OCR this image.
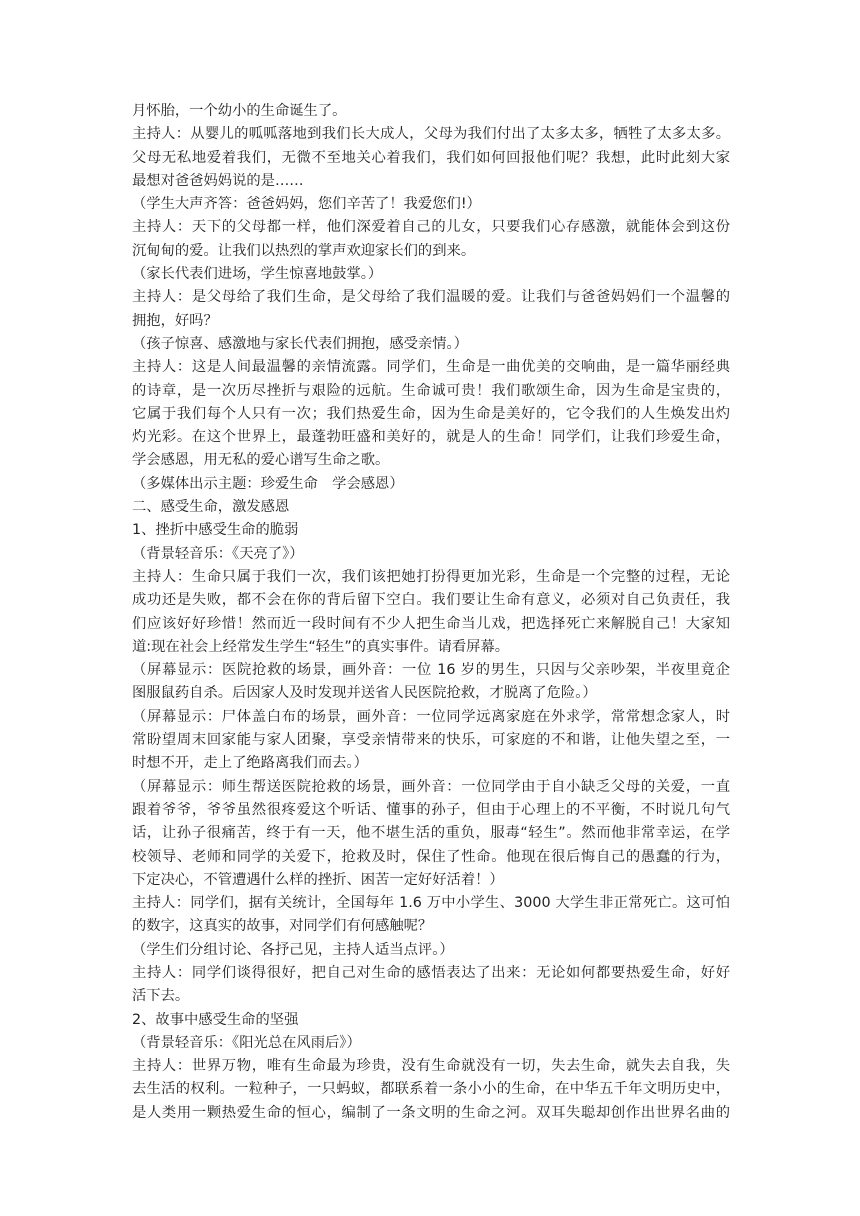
月怀胎，一个幼小的生命诞生了。

主持人：从婴儿的呱呱落地到我们长大成人，父母为我们付出了太多太多，牺牲了太多太多。

父母无私地爱着我们，无微不至地关心着我们，我们如何回报他们呢？我想，此时此刻大家

最想对爸爸妈妈说的是……

（学生大声齐答：爸爸妈妈，您们辛苦了！我爱您们!）

主持人：天下的父母都一样，他们深爱着自己的儿女，只要我们心存感激，就能体会到这份

沉甸甸的爱。让我们以热烈的掌声欢迎家长们的到来。

（家长代表们进场，学生惊喜地鼓掌。）

主持人：是父母给了我们生命，是父母给了我们温暖的爱。让我们与爸爸妈妈们一个温馨的

拥抱，好吗？

（孩子惊喜、感激地与家长代表们拥抱，感受亲情。）

主持人：这是人间最温馨的亲情流露。同学们，生命是一曲优美的交响曲，是一篇华丽经典

的诗章，是一次历尽挫折与艰险的远航。生命诚可贵！我们歌颂生命，因为生命是宝贵的，

它属于我们每个人只有一次；我们热爱生命，因为生命是美好的，它令我们的人生焕发出灼

灼光彩。在这个世界上，最蓬勃旺盛和美好的，就是人的生命！同学们，让我们珍爱生命，

学会感恩，用无私的爱心谱写生命之歌。

（多媒体出示主题：珍爱生命　学会感恩）

二、感受生命，激发感恩

1、挫折中感受生命的脆弱

（背景轻音乐：《天亮了》）

主持人：生命只属于我们一次，我们该把她打扮得更加光彩，生命是一个完整的过程，无论

成功还是失败，都不会在你的背后留下空白。我们要让生命有意义，必须对自己负责任，我

们应该好好珍惜！然而近一段时间有不少人把生命当儿戏，把选择死亡来解脱自己！大家知

道:现在社会上经常发生学生“轻生”的真实事件。请看屏幕。

（屏幕显示：医院抢救的场景，画外音：一位 16 岁的男生，只因与父亲吵架，半夜里竟企

图服鼠药自杀。后因家人及时发现并送省人民医院抢救，才脱离了危险。）

（屏幕显示：尸体盖白布的场景，画外音：一位同学远离家庭在外求学，常常想念家人，时

常盼望周末回家能与家人团聚，享受亲情带来的快乐，可家庭的不和谐，让他失望之至，一

时想不开，走上了绝路离我们而去。）

（屏幕显示：师生帮送医院抢救的场景，画外音：一位同学由于自小缺乏父母的关爱，一直

跟着爷爷，爷爷虽然很疼爱这个听话、懂事的孙子，但由于心理上的不平衡，不时说几句气

话，让孙子很痛苦，终于有一天，他不堪生活的重负，服毒“轻生”。然而他非常幸运，在学

校领导、老师和同学的关爱下，抢救及时，保住了性命。他现在很后悔自己的愚蠢的行为，

下定决心，不管遭遇什么样的挫折、困苦一定好好活着！）

主持人：同学们，据有关统计，全国每年 1.6 万中小学生、3000 大学生非正常死亡。这可怕

的数字，这真实的故事，对同学们有何感触呢？

（学生们分组讨论、各抒己见，主持人适当点评。）

主持人：同学们谈得很好，把自己对生命的感悟表达了出来：无论如何都要热爱生命，好好

活下去。

2、故事中感受生命的坚强

（背景轻音乐：《阳光总在风雨后》）

主持人：世界万物，唯有生命最为珍贵，没有生命就没有一切，失去生命，就失去自我，失

去生活的权利。一粒种子，一只蚂蚁，都联系着一条小小的生命，在中华五千年文明历史中，

是人类用一颗热爱生命的恒心，编制了一条文明的生命之河。双耳失聪却创作出世界名曲的
